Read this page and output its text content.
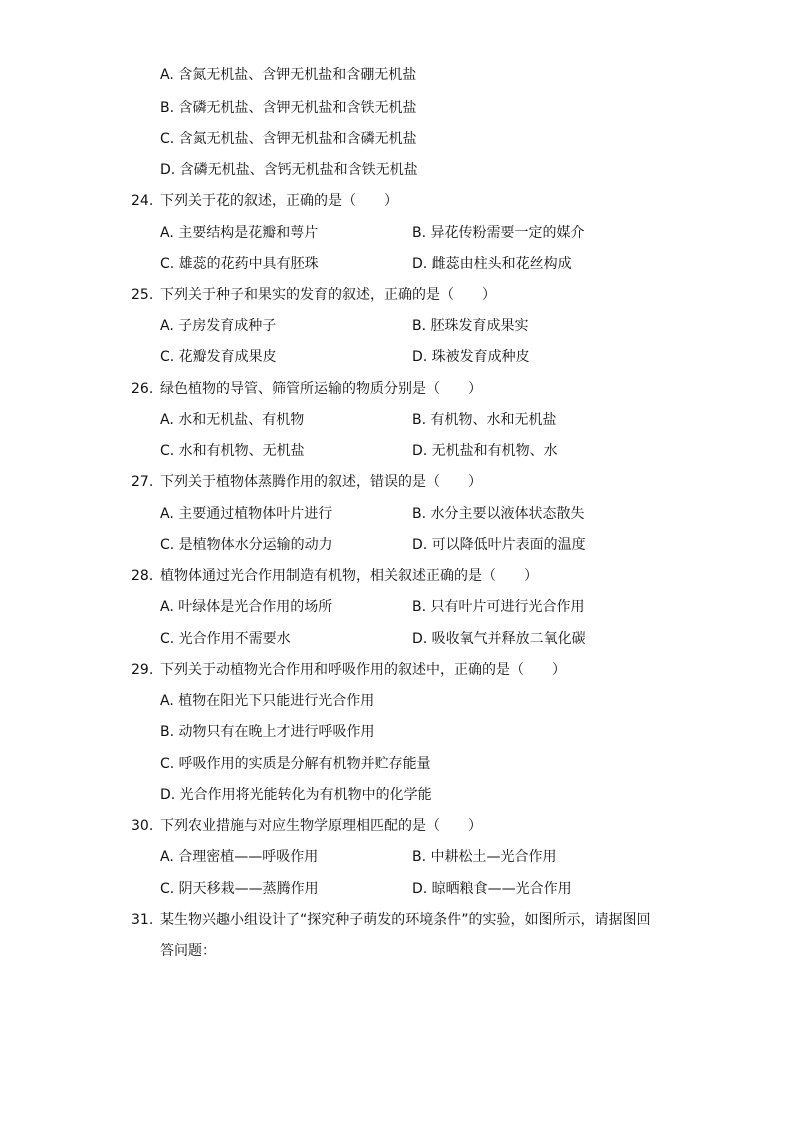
A. 含氮无机盐、含钾无机盐和含硼无机盐
B. 含磷无机盐、含钾无机盐和含铁无机盐
C. 含氮无机盐、含钾无机盐和含磷无机盐
D. 含磷无机盐、含钙无机盐和含铁无机盐
24. 下列关于花的叙述，正确的是（　　）
A. 主要结构是花瓣和萼片	B. 异花传粉需要一定的媒介
C. 雄蕊的花药中具有胚珠	D. 雌蕊由柱头和花丝构成
25. 下列关于种子和果实的发育的叙述，正确的是（　　）
A. 子房发育成种子	B. 胚珠发育成果实
C. 花瓣发育成果皮	D. 珠被发育成种皮
26. 绿色植物的导管、筛管所运输的物质分别是（　　）
A. 水和无机盐、有机物	B. 有机物、水和无机盐
C. 水和有机物、无机盐	D. 无机盐和有机物、水
27. 下列关于植物体蒸腾作用的叙述，错误的是（　　）
A. 主要通过植物体叶片进行	B. 水分主要以液体状态散失
C. 是植物体水分运输的动力	D. 可以降低叶片表面的温度
28. 植物体通过光合作用制造有机物，相关叙述正确的是（　　）
A. 叶绿体是光合作用的场所	B. 只有叶片可进行光合作用
C. 光合作用不需要水	D. 吸收氧气并释放二氧化碳
29. 下列关于动植物光合作用和呼吸作用的叙述中，正确的是（　　）
A. 植物在阳光下只能进行光合作用
B. 动物只有在晚上才进行呼吸作用
C. 呼吸作用的实质是分解有机物并贮存能量
D. 光合作用将光能转化为有机物中的化学能
30. 下列农业措施与对应生物学原理相匹配的是（　　）
A. 合理密植——呼吸作用	B. 中耕松土—光合作用
C. 阴天移栽——蒸腾作用	D. 晾晒粮食——光合作用
31. 某生物兴趣小组设计了“探究种子萌发的环境条件”的实验，如图所示，请据图回
答问题：
